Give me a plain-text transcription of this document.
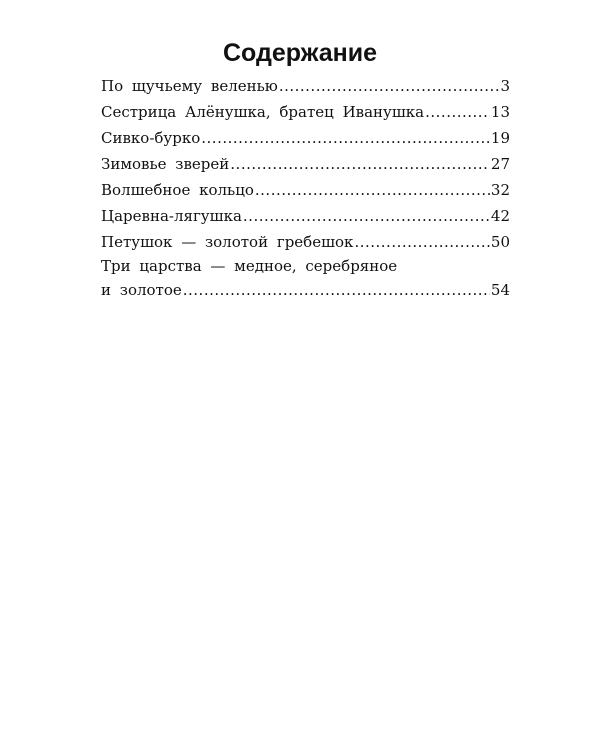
Содержание
По щучьему веленью .....	3
Сестрица Алёнушка, братец Иванушка .....	13
Сивко-бурко .....	19
Зимовье зверей .....	27
Волшебное кольцо .....	32
Царевна-лягушка .....	42
Петушок — золотой гребешок .....	50
Три царства — медное, серебряное
и золотое .....	54
